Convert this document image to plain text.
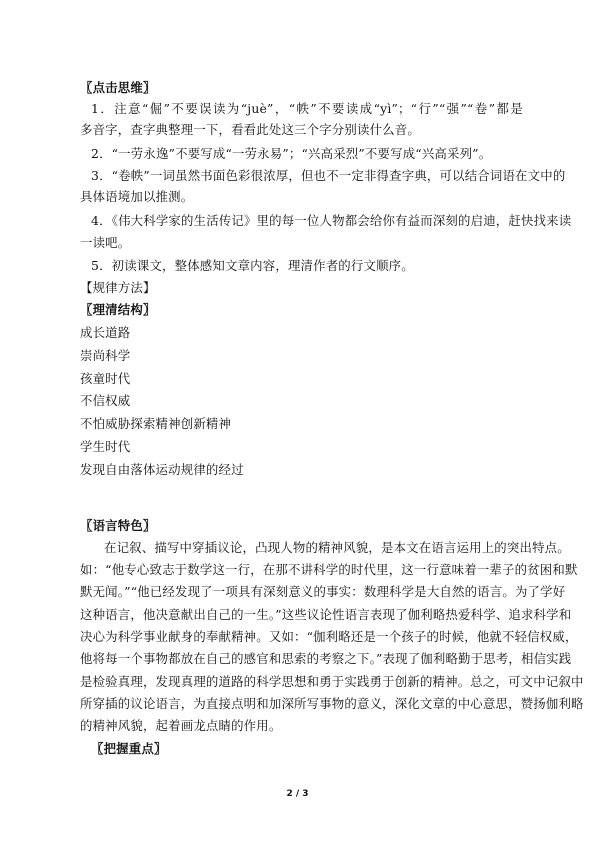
〖点击思维〗
1．注意“倔”不要误读为“juè”，“帙”不要读成“yì”；“行”“强”“卷”都是
多音字，查字典整理一下，看看此处这三个字分别读什么音。
2．“一劳永逸”不要写成“一劳永易”；“兴高采烈”不要写成“兴高采列”。
3．“卷帙”一词虽然书面色彩很浓厚，但也不一定非得查字典，可以结合词语在文中的
具体语境加以推测。
4．《伟大科学家的生活传记》里的每一位人物都会给你有益而深刻的启迪，赶快找来读
一读吧。
5．初读课文，整体感知文章内容，理清作者的行文顺序。
【规律方法】
〖理清结构〗
成长道路
崇尚科学
孩童时代
不信权威
不怕威胁探索精神创新精神
学生时代
发现自由落体运动规律的经过
〖语言特色〗
在记叙、描写中穿插议论，凸现人物的精神风貌，是本文在语言运用上的突出特点。
如：“他专心致志于数学这一行，在那不讲科学的时代里，这一行意味着一辈子的贫困和默
默无闻。”“他已经发现了一项具有深刻意义的事实：数理科学是大自然的语言。为了学好
这种语言，他决意献出自己的一生。”这些议论性语言表现了伽利略热爱科学、追求科学和
决心为科学事业献身的奉献精神。又如：“伽利略还是一个孩子的时候，他就不轻信权威，
他将每一个事物都放在自己的感官和思索的考察之下。”表现了伽利略勤于思考，相信实践
是检验真理，发现真理的道路的科学思想和勇于实践勇于创新的精神。总之，可文中记叙中
所穿插的议论语言，为直接点明和加深所写事物的意义，深化文章的中心意思，赞扬伽利略
的精神风貌，起着画龙点睛的作用。
〖把握重点〗
2 / 3
